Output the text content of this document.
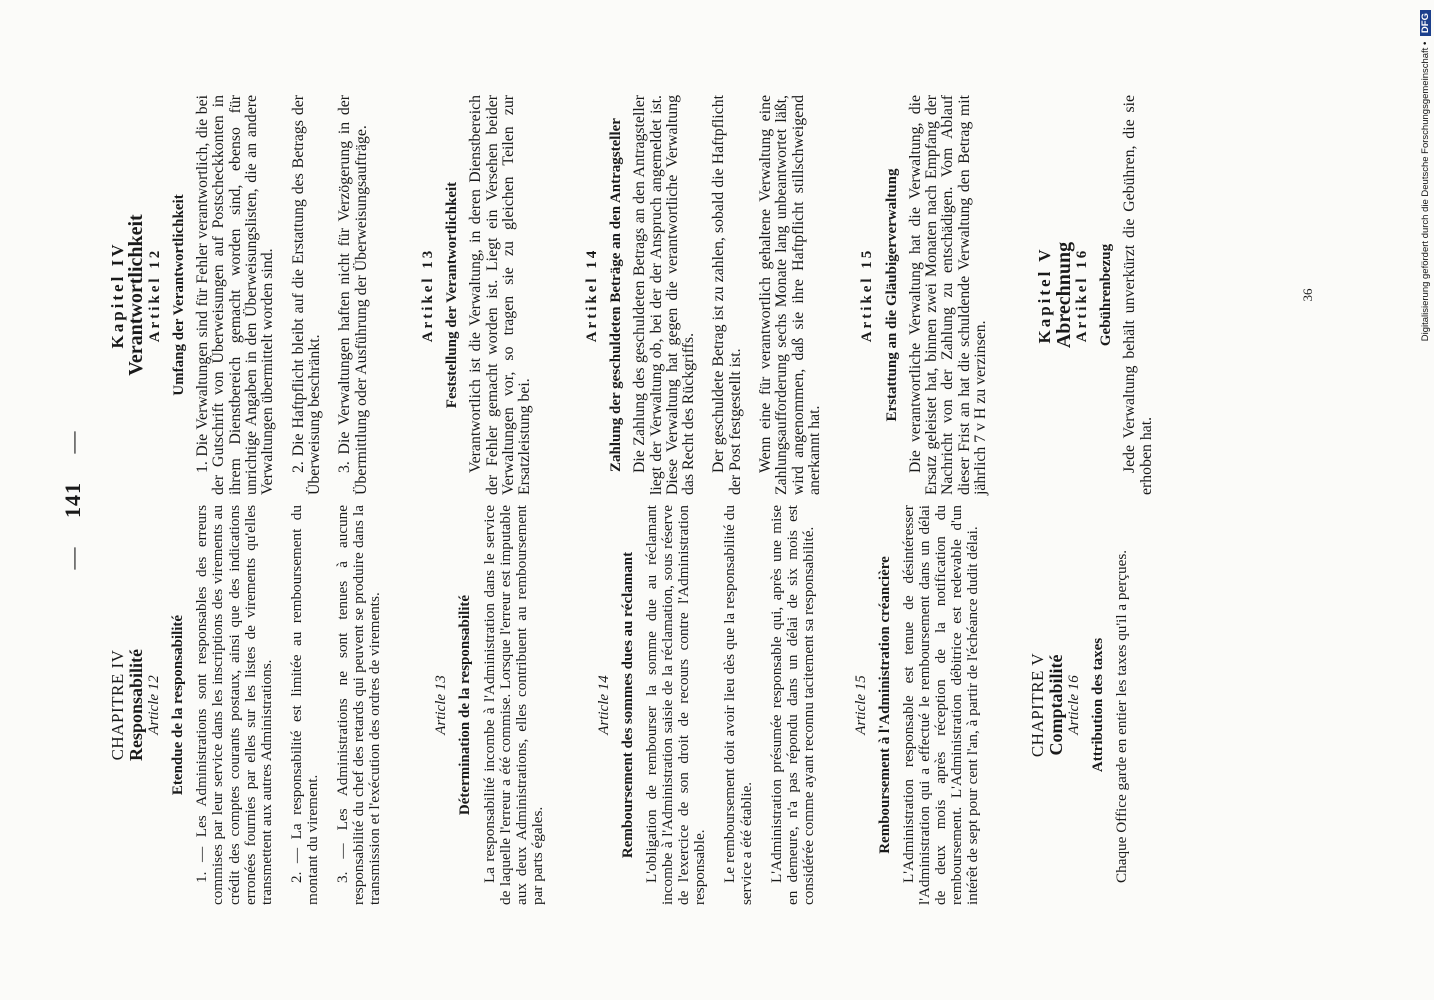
— 141 —
CHAPITRE IV Responsabilité Article 12 Etendue de la responsabilité 1. — Les Administrations sont responsables des erreurs commises par leur service dans les inscriptions des virements au crédit des comptes courants postaux, ainsi que des indications erronées fournies par elles sur les listes de virements qu'elles transmettent aux autres Administrations. 2. — La responsabilité est limitée au remboursement du montant du virement. 3. — Les Administrations ne sont tenues à aucune responsabilité du chef des retards qui peuvent se produire dans la transmission et l'exécution des ordres de virements.	Article 13 Détermination de la responsabilité La responsabilité incombe à l'Administration dans le service de laquelle l'erreur a été commise. Lorsque l'erreur est imputable aux deux Administrations, elles contribuent au remboursement par parts égales.

Article 14 Remboursement des sommes dues au réclamant L'obligation de rembourser la somme due au réclamant incombe à l'Administration saisie de la réclamation, sous réserve de l'exercice de son droit de recours contre l'Administration responsable. Le remboursement doit avoir lieu dès que la responsabilité du service a été établie. L'Administration présumée responsable qui, après une mise en demeure, n'a pas répondu dans un délai de six mois est considérée comme ayant reconnu tacitement sa responsabilité. Article 15 Remboursement à l'Administration créancière L'Administration responsable est tenue de désintéresser l'Administration qui a effectué le remboursement dans un délai de deux mois après réception de la notification du remboursement. L'Administration débitrice est redevable d'un intérêt de sept pour cent l'an, à partir de l'échéance dudit délai.	CHAPITRE V Comptabilité Article 16 Attribution des taxes Chaque Office garde en entier les taxes qu'il a perçues.

Kapitel IV
Verantwortlichkeit Artikel 12 Umfang der Verantwortlichkeit 1. Die Verwaltungen sind für Fehler verantwortlich, die bei der Gutschrift von Überweisungen auf Postscheckkonten in ihrem Dienstbereich gemacht worden sind, ebenso für unrichtige Angaben in den Überweisungslisten, die an andere Verwaltungen übermittelt worden sind. 2. Die Haftpflicht bleibt auf die Erstattung des Betrags der Überweisung beschränkt. 3. Die Verwaltungen haften nicht für Verzögerung in der Übermittlung oder Ausführung der Überweisungsaufträge.	Artikel 13 Feststellung der Verantwortlichkeit Verantwortlich ist die Verwaltung, in deren Dienstbereich der Fehler gemacht worden ist. Liegt ein Versehen beider Verwaltungen vor, so tragen sie zu gleichen Teilen zur Ersatzleistung bei.

Artikel 14 Zahlung der geschuldeten Beträge an den Antragsteller Die Zahlung des geschuldeten Betrags an den Antragsteller liegt der Verwaltung ob, bei der der Anspruch angemeldet ist. Diese Verwaltung hat gegen die verantwortliche Verwaltung das Recht des Rückgriffs. Der geschuldete Betrag ist zu zahlen, sobald die Haftpflicht der Post festgestellt ist. Wenn eine für verantwortlich gehaltene Verwaltung eine Zahlungsaufforderung sechs Monate lang unbeantwortet läßt, wird angenommen, daß sie ihre Haftpflicht stillschweigend anerkannt hat.

Artikel 15 Erstattung an die Gläubigerverwaltung Die verantwortliche Verwaltung hat die Verwaltung, die Ersatz geleistet hat, binnen zwei Monaten nach Empfang der Nachricht von der Zahlung zu entschädigen. Vom Ablauf dieser Frist an hat die schuldende Verwaltung den Betrag mit jährlich 7 v H zu verzinsen.

Kapitel V
Abrechnung Artikel 16 Gebührenbezug Jede Verwaltung behält unverkürzt die Gebühren, die sie erhoben hat.

36	Digitalisierung gefördert durch die Deutsche Forschungsgemeinschaft • DFG
